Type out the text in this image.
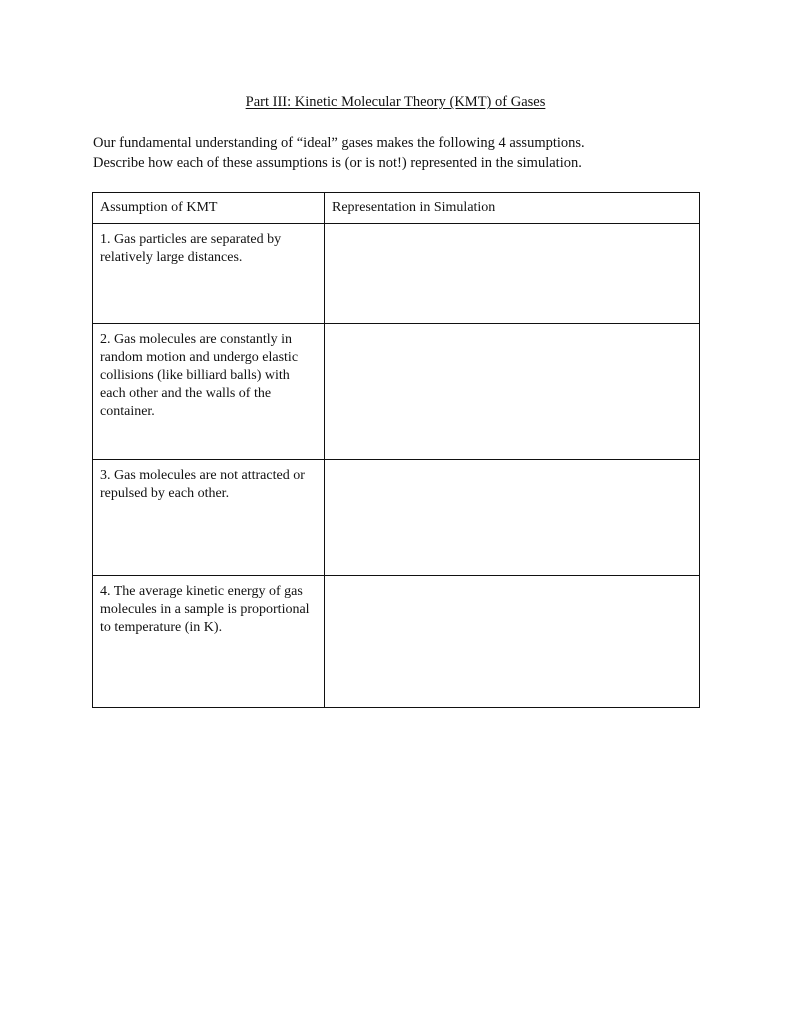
Part III: Kinetic Molecular Theory (KMT) of Gases

Our fundamental understanding of “ideal” gases makes the following 4 assumptions.

Describe how each of these assumptions is (or is not!) represented in the simulation.

Assumption of KMT	Representation in Simulation

1. Gas particles are separated by relatively large distances.	

2. Gas molecules are constantly in random motion and undergo elastic collisions (like billiard balls) with each other and the walls of the container.	

3. Gas molecules are not attracted or repulsed by each other.	

4. The average kinetic energy of gas molecules in a sample is proportional to temperature (in K).	
